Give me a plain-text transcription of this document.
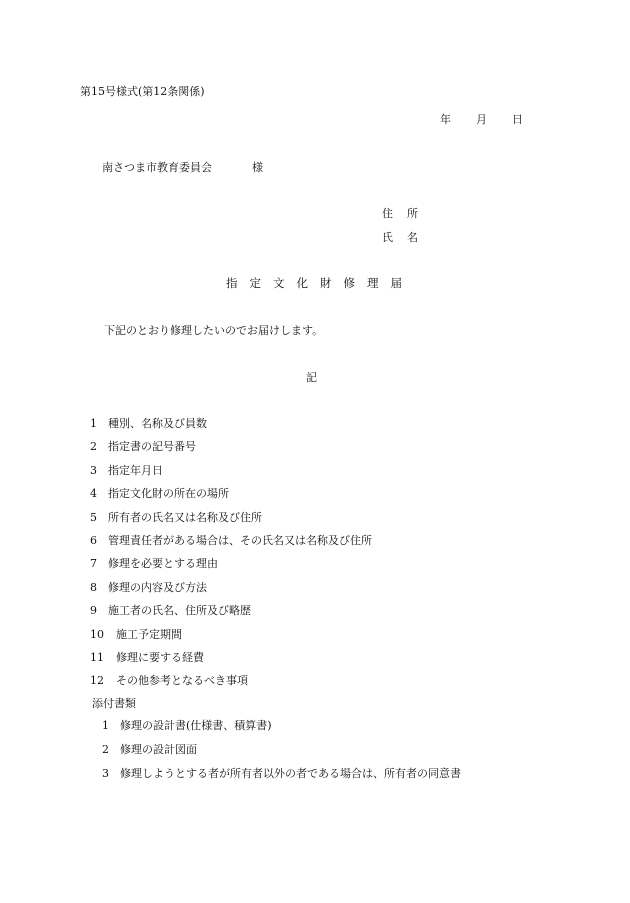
第15号様式(第12条関係)
年 月 日
南さつま市教育委員会	様
住所
氏名
指 定 文 化 財 修 理 届
下記のとおり修理したいのでお届けします。
記
1 種別、名称及び員数
2 指定書の記号番号
3 指定年月日
4 指定文化財の所在の場所
5 所有者の氏名又は名称及び住所
6 管理責任者がある場合は、その氏名又は名称及び住所
7 修理を必要とする理由
8 修理の内容及び方法
9 施工者の氏名、住所及び略歴
10 施工予定期間
11 修理に要する経費
12 その他参考となるべき事項
添付書類
1 修理の設計書(仕様書、積算書)
2 修理の設計図面
3 修理しようとする者が所有者以外の者である場合は、所有者の同意書
